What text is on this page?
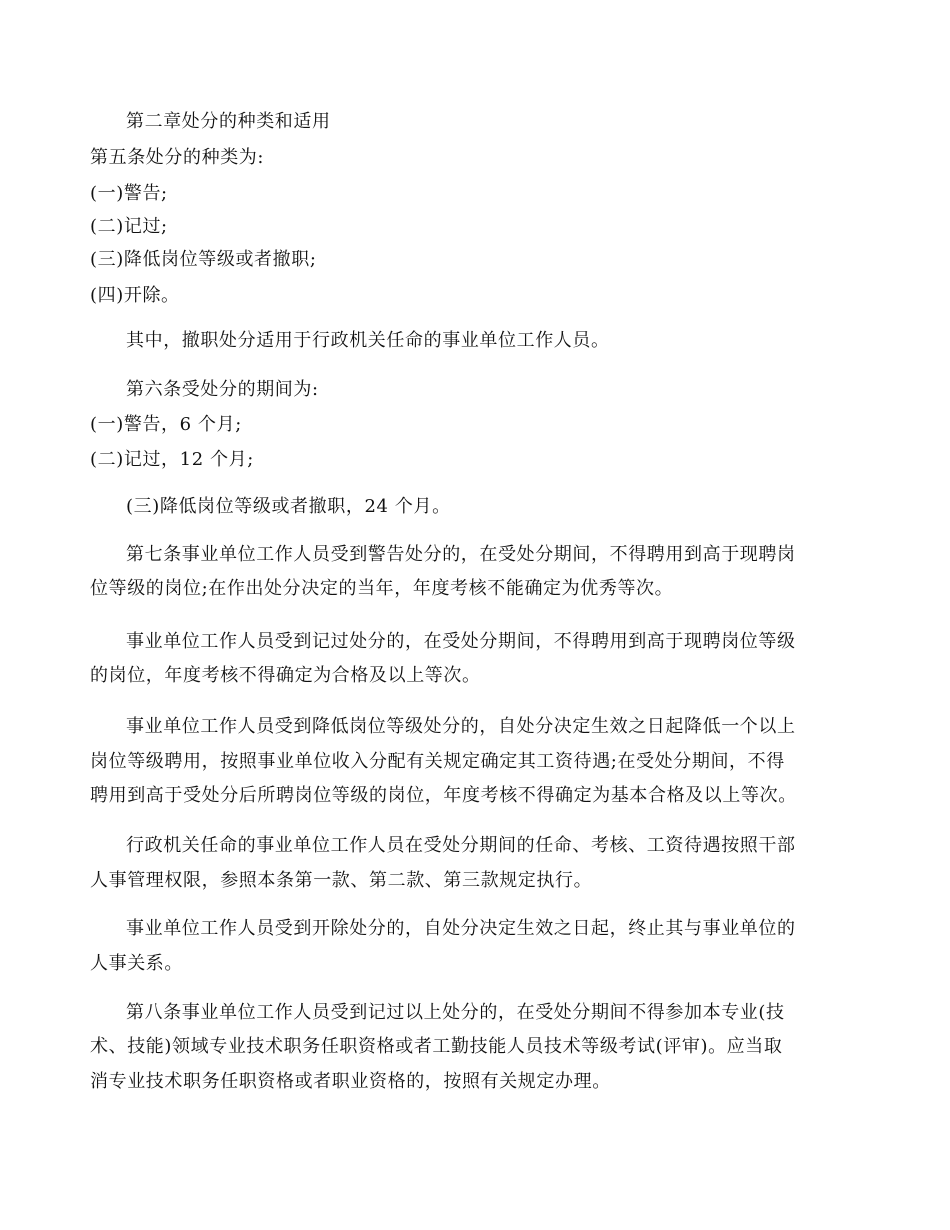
第二章处分的种类和适用
第五条处分的种类为:
(一)警告;
(二)记过;
(三)降低岗位等级或者撤职;
(四)开除。
其中，撤职处分适用于行政机关任命的事业单位工作人员。
第六条受处分的期间为:
(一)警告，6 个月;
(二)记过，12 个月;
(三)降低岗位等级或者撤职，24 个月。
第七条事业单位工作人员受到警告处分的，在受处分期间，不得聘用到高于现聘岗
位等级的岗位;在作出处分决定的当年，年度考核不能确定为优秀等次。
事业单位工作人员受到记过处分的，在受处分期间，不得聘用到高于现聘岗位等级
的岗位，年度考核不得确定为合格及以上等次。
事业单位工作人员受到降低岗位等级处分的，自处分决定生效之日起降低一个以上
岗位等级聘用，按照事业单位收入分配有关规定确定其工资待遇;在受处分期间，不得
聘用到高于受处分后所聘岗位等级的岗位，年度考核不得确定为基本合格及以上等次。
行政机关任命的事业单位工作人员在受处分期间的任命、考核、工资待遇按照干部
人事管理权限，参照本条第一款、第二款、第三款规定执行。
事业单位工作人员受到开除处分的，自处分决定生效之日起，终止其与事业单位的
人事关系。
第八条事业单位工作人员受到记过以上处分的，在受处分期间不得参加本专业(技
术、技能)领域专业技术职务任职资格或者工勤技能人员技术等级考试(评审)。应当取
消专业技术职务任职资格或者职业资格的，按照有关规定办理。
